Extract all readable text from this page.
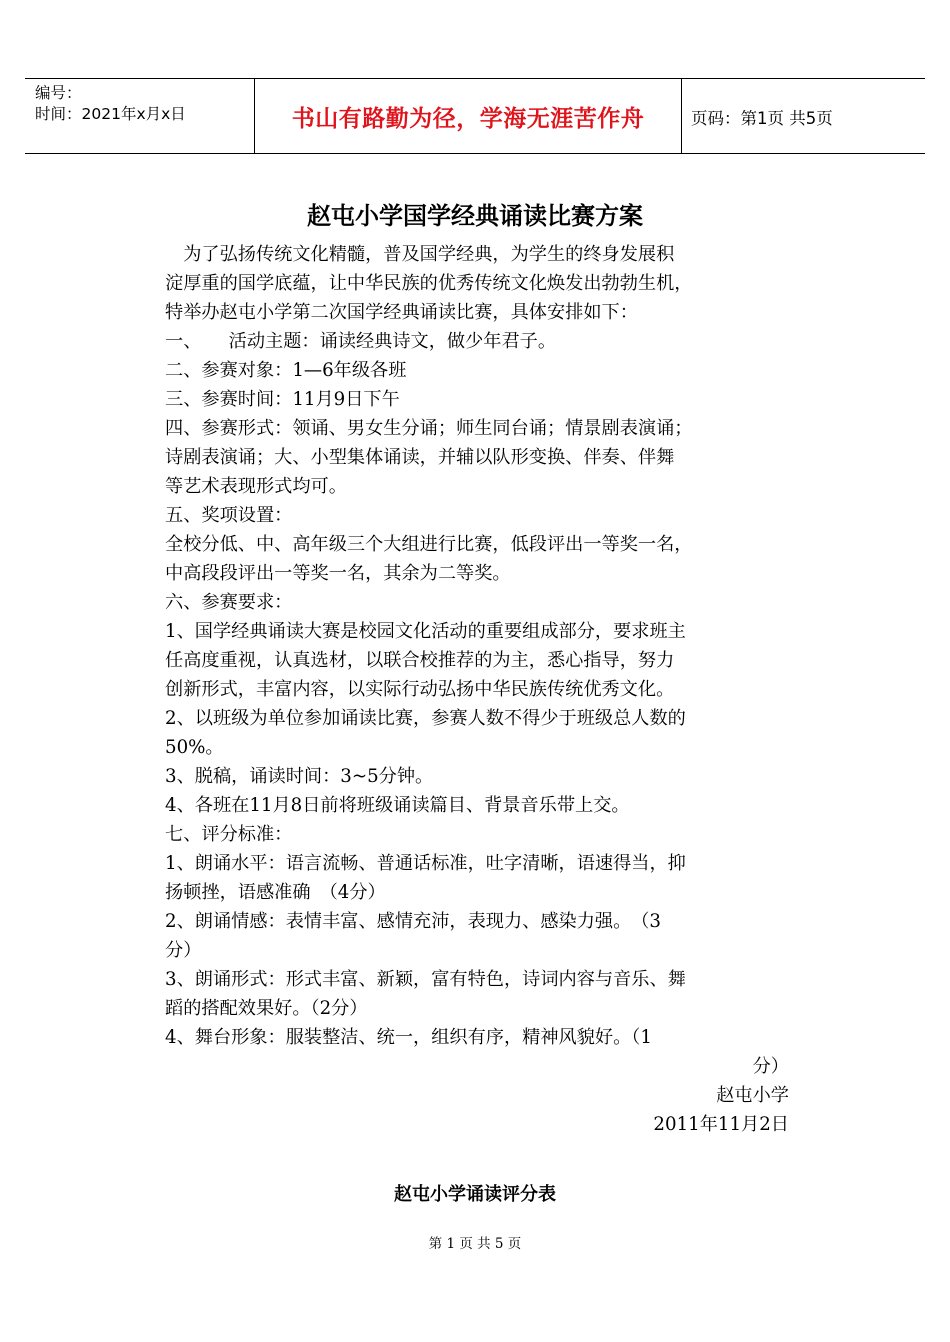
编号：
时间：2021年x月x日	书山有路勤为径，学海无涯苦作舟	页码：第1页 共5页
赵屯小学国学经典诵读比赛方案
　为了弘扬传统文化精髓，普及国学经典，为学生的终身发展积
淀厚重的国学底蕴，让中华民族的优秀传统文化焕发出勃勃生机，
特举办赵屯小学第二次国学经典诵读比赛，具体安排如下：
一、　　活动主题：诵读经典诗文，做少年君子。
二、参赛对象：1—6年级各班
三、参赛时间：11月9日下午
四、参赛形式：领诵、男女生分诵；师生同台诵；情景剧表演诵；
诗剧表演诵；大、小型集体诵读，并辅以队形变换、伴奏、伴舞
等艺术表现形式均可。
五、奖项设置：
全校分低、中、高年级三个大组进行比赛，低段评出一等奖一名，
中高段段评出一等奖一名，其余为二等奖。
六、参赛要求：
1、国学经典诵读大赛是校园文化活动的重要组成部分，要求班主
任高度重视，认真选材，以联合校推荐的为主，悉心指导，努力
创新形式，丰富内容，以实际行动弘扬中华民族传统优秀文化。
2、以班级为单位参加诵读比赛，参赛人数不得少于班级总人数的
50%。
3、脱稿，诵读时间：3~5分钟。
4、各班在11月8日前将班级诵读篇目、背景音乐带上交。
七、评分标准：
1、朗诵水平：语言流畅、普通话标准，吐字清晰，语速得当，抑
扬顿挫，语感准确　（4分）
2、朗诵情感：表情丰富、感情充沛，表现力、感染力强。　（3
分）
3、朗诵形式：形式丰富、新颖，富有特色，诗词内容与音乐、舞
蹈的搭配效果好。（2分）
4、舞台形象：服装整洁、统一，组织有序，精神风貌好。（1
分）
赵屯小学
2011年11月2日
赵屯小学诵读评分表
第 1 页 共 5 页
